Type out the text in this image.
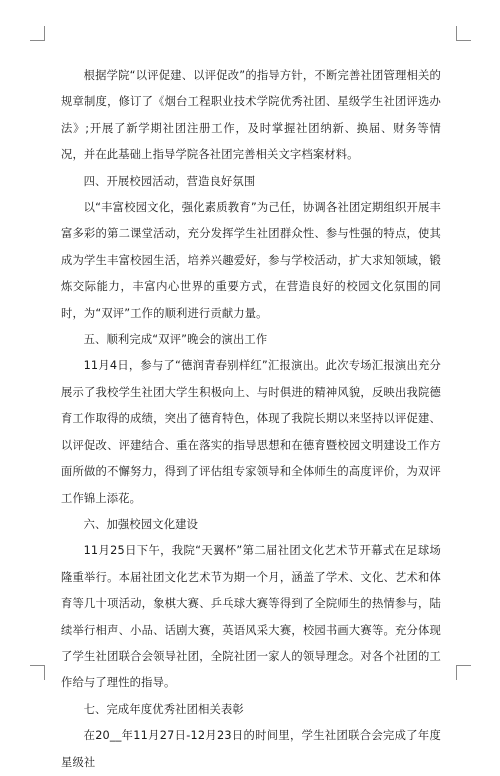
根据学院“以评促建、以评促改”的指导方针，不断完善社团管理相关的规章制度，修订了《烟台工程职业技术学院优秀社团、星级学生社团评选办法》;开展了新学期社团注册工作，及时掌握社团纳新、换届、财务等情况，并在此基础上指导学院各社团完善相关文字档案材料。

四、开展校园活动，营造良好氛围

以“丰富校园文化，强化素质教育”为己任，协调各社团定期组织开展丰富多彩的第二课堂活动，充分发挥学生社团群众性、参与性强的特点，使其成为学生丰富校园生活，培养兴趣爱好，参与学校活动，扩大求知领域，锻炼交际能力，丰富内心世界的重要方式，在营造良好的校园文化氛围的同时，为“双评”工作的顺利进行贡献力量。

五、顺利完成“双评”晚会的演出工作

11月4日，参与了“德润青春别样红”汇报演出。此次专场汇报演出充分展示了我校学生社团大学生积极向上、与时俱进的精神风貌，反映出我院德育工作取得的成绩，突出了德育特色，体现了我院长期以来坚持以评促建、以评促改、评建结合、重在落实的指导思想和在德育暨校园文明建设工作方面所做的不懈努力，得到了评估组专家领导和全体师生的高度评价，为双评工作锦上添花。

六、加强校园文化建设

11月25日下午，我院“天翼杯”第二届社团文化艺术节开幕式在足球场隆重举行。本届社团文化艺术节为期一个月，涵盖了学术、文化、艺术和体育等几十项活动，象棋大赛、乒乓球大赛等得到了全院师生的热情参与，陆续举行相声、小品、话剧大赛，英语风采大赛，校园书画大赛等。充分体现了学生社团联合会领导社团，全院社团一家人的领导理念。对各个社团的工作给与了理性的指导。

七、完成年度优秀社团相关表彰

在20__年11月27日-12月23日的时间里，学生社团联合会完成了年度星级社
